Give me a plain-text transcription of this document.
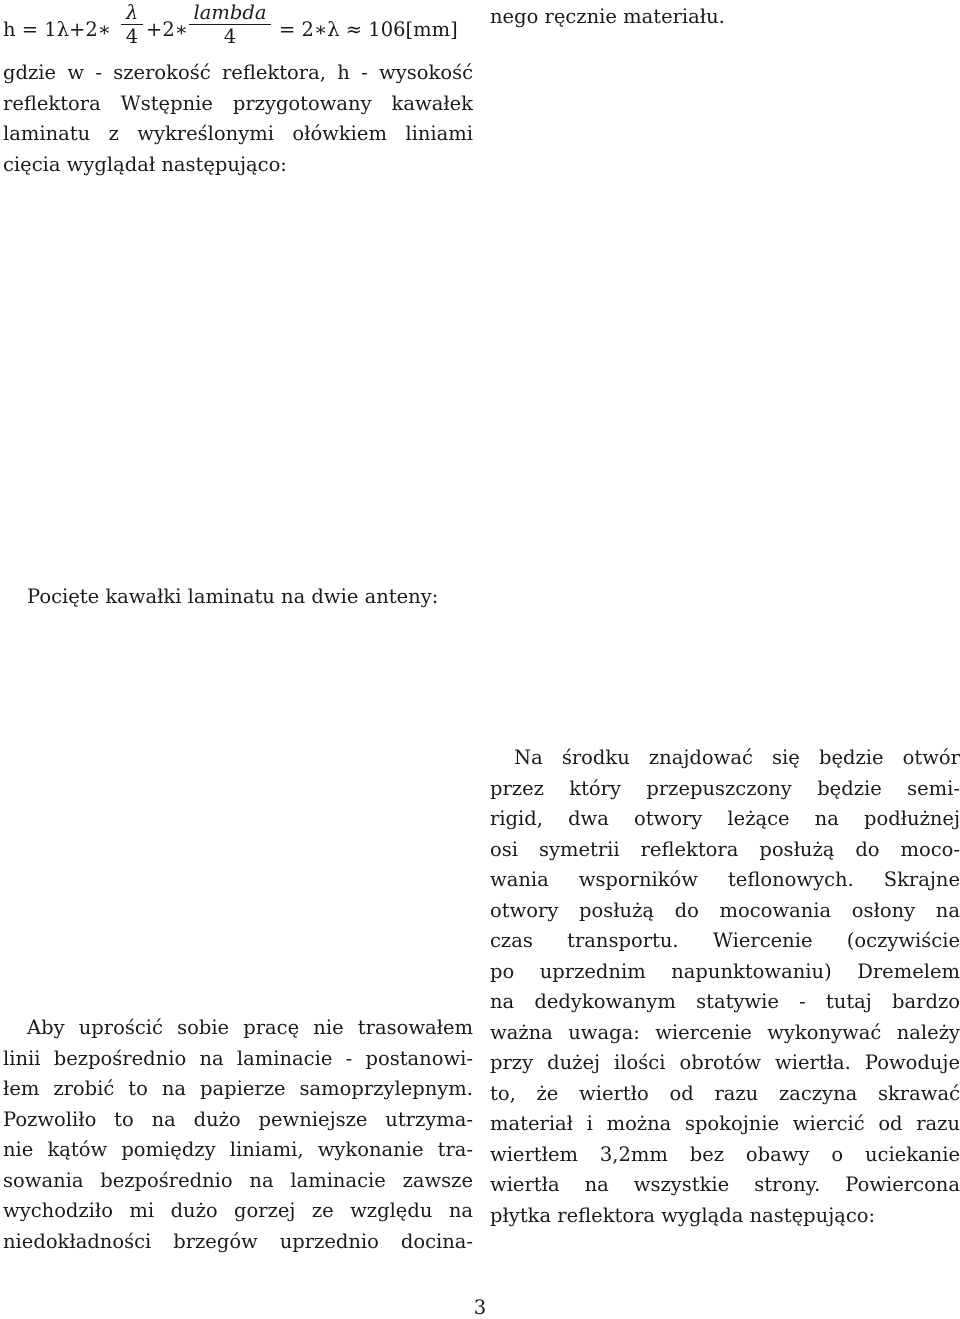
h = 1λ+2∗
λ
4 +2∗
lambda
4	= 2∗λ ≈ 106[mm]
gdzie w - szerokość reflektora, h - wysokość
reflektora Wstępnie przygotowany kawałek
laminatu z wykreślonymi ołówkiem liniami
cięcia wyglądał następująco:
Pocięte kawałki laminatu na dwie anteny:
Aby uprościć sobie pracę nie trasowałem
linii bezpośrednio na laminacie - postanowi-
łem zrobić to na papierze samoprzylepnym.
Pozwoliło to na dużo pewniejsze utrzyma-
nie kątów pomiędzy liniami, wykonanie tra-
sowania bezpośrednio na laminacie zawsze
wychodziło mi dużo gorzej ze względu na
niedokładności brzegów uprzednio docina-
nego ręcznie materiału.
Na środku znajdować się będzie otwór
przez który przepuszczony będzie semi-
rigid, dwa otwory leżące na podłużnej
osi symetrii reflektora posłużą do moco-
wania wsporników teflonowych. Skrajne
otwory posłużą do mocowania osłony na
czas transportu. Wiercenie (oczywiście
po uprzednim napunktowaniu) Dremelem
na dedykowanym statywie - tutaj bardzo
ważna uwaga: wiercenie wykonywać należy
przy dużej ilości obrotów wiertła. Powoduje
to, że wiertło od razu zaczyna skrawać
materiał i można spokojnie wiercić od razu
wiertłem 3,2mm bez obawy o uciekanie
wiertła na wszystkie strony. Powiercona
płytka reflektora wygląda następująco:
3
